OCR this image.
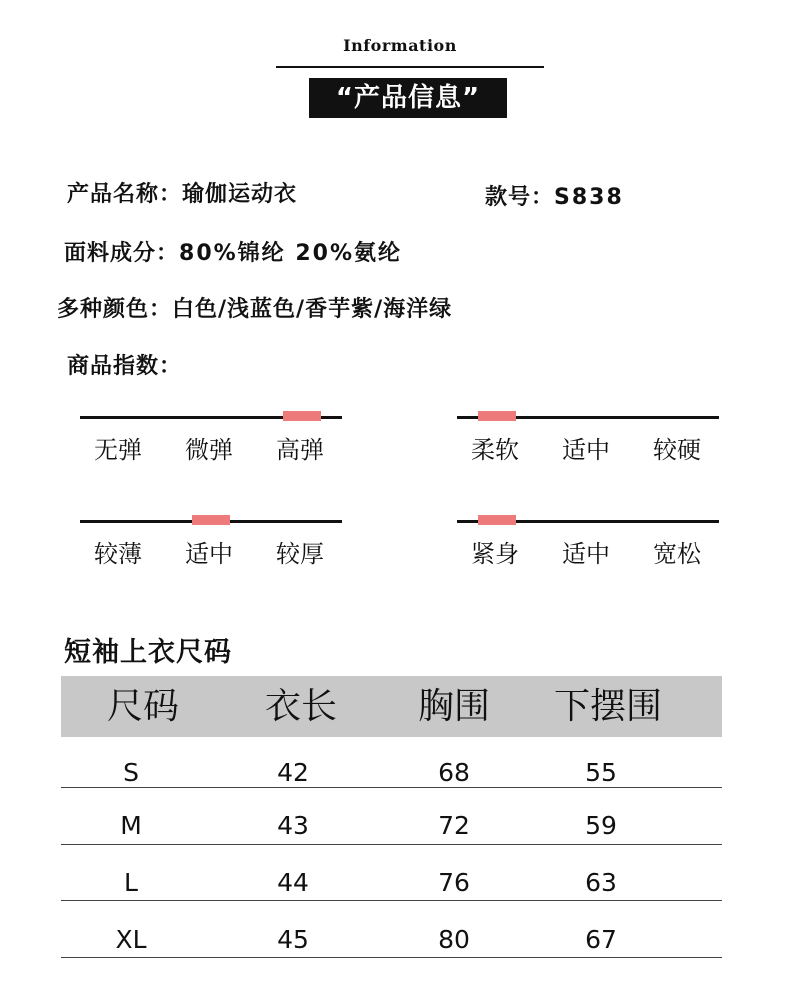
Information
“产品信息”
产品名称：瑜伽运动衣	款号：S838
面料成分：80%锦纶 20%氨纶
多种颜色：白色/浅蓝色/香芋紫/海洋绿
商品指数：
无弹	微弹	高弹	柔软	适中	较硬
较薄	适中	较厚	紧身	适中	宽松
短袖上衣尺码
尺码	衣长	胸围	下摆围
S	42	68	55
M	43	72	59
L	44	76	63
XL	45	80	67
